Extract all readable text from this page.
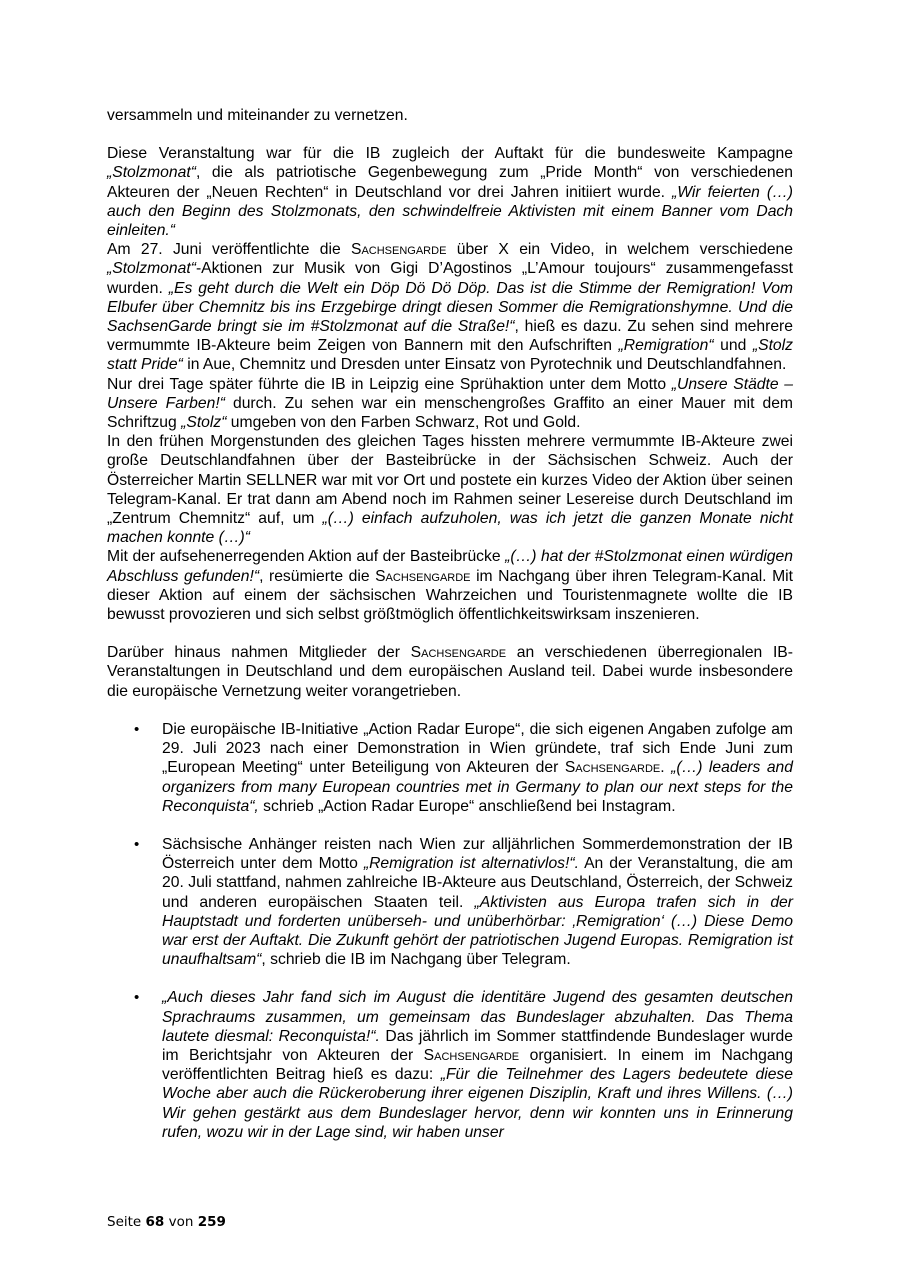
versammeln und miteinander zu vernetzen.

Diese Veranstaltung war für die IB zugleich der Auftakt für die bundesweite Kampagne „Stolzmonat“, die als patriotische Gegenbewegung zum „Pride Month“ von verschiedenen Akteuren der „Neuen Rechten“ in Deutschland vor drei Jahren initiiert wurde. „Wir feierten (…) auch den Beginn des Stolzmonats, den schwindelfreie Aktivisten mit einem Banner vom Dach einleiten.“

Am 27. Juni veröffentlichte die Sachsengarde über X ein Video, in welchem verschiedene „Stolzmonat“-Aktionen zur Musik von Gigi D’Agostinos „L’Amour toujours“ zusammengefasst wurden. „Es geht durch die Welt ein Döp Dö Dö Döp. Das ist die Stimme der Remigration! Vom Elbufer über Chemnitz bis ins Erzgebirge dringt diesen Sommer die Remigrationshymne. Und die SachsenGarde bringt sie im #Stolzmonat auf die Straße!“, hieß es dazu. Zu sehen sind mehrere vermummte IB-Akteure beim Zeigen von Bannern mit den Aufschriften „Remigration“ und „Stolz statt Pride“ in Aue, Chemnitz und Dresden unter Einsatz von Pyrotechnik und Deutschlandfahnen.

Nur drei Tage später führte die IB in Leipzig eine Sprühaktion unter dem Motto „Unsere Städte – Unsere Farben!“ durch. Zu sehen war ein menschengroßes Graffito an einer Mauer mit dem Schriftzug „Stolz“ umgeben von den Farben Schwarz, Rot und Gold.

In den frühen Morgenstunden des gleichen Tages hissten mehrere vermummte IB-Akteure zwei große Deutschlandfahnen über der Basteibrücke in der Sächsischen Schweiz. Auch der Österreicher Martin SELLNER war mit vor Ort und postete ein kurzes Video der Aktion über seinen Telegram-Kanal. Er trat dann am Abend noch im Rahmen seiner Lesereise durch Deutschland im „Zentrum Chemnitz“ auf, um „(…) einfach aufzuholen, was ich jetzt die ganzen Monate nicht machen konnte (…)“

Mit der aufsehenerregenden Aktion auf der Basteibrücke „(…) hat der #Stolzmonat einen würdigen Abschluss gefunden!“, resümierte die Sachsengarde im Nachgang über ihren Telegram-Kanal. Mit dieser Aktion auf einem der sächsischen Wahrzeichen und Touristenmagnete wollte die IB bewusst provozieren und sich selbst größtmöglich öffentlichkeitswirksam inszenieren.

Darüber hinaus nahmen Mitglieder der Sachsengarde an verschiedenen überregionalen IB-Veranstaltungen in Deutschland und dem europäischen Ausland teil. Dabei wurde insbesondere die europäische Vernetzung weiter vorangetrieben.

• Die europäische IB-Initiative „Action Radar Europe“, die sich eigenen Angaben zufolge am 29. Juli 2023 nach einer Demonstration in Wien gründete, traf sich Ende Juni zum „European Meeting“ unter Beteiligung von Akteuren der Sachsengarde. „(…) leaders and organizers from many European countries met in Germany to plan our next steps for the Reconquista“, schrieb „Action Radar Europe“ anschließend bei Instagram.
• Sächsische Anhänger reisten nach Wien zur alljährlichen Sommerdemonstration der IB Österreich unter dem Motto „Remigration ist alternativlos!“. An der Veranstaltung, die am 20. Juli stattfand, nahmen zahlreiche IB-Akteure aus Deutschland, Österreich, der Schweiz und anderen europäischen Staaten teil. „Aktivisten aus Europa trafen sich in der Hauptstadt und forderten unüberseh- und unüberhörbar: ‚Remigration‘ (…) Diese Demo war erst der Auftakt. Die Zukunft gehört der patriotischen Jugend Europas. Remigration ist unaufhaltsam“, schrieb die IB im Nachgang über Telegram.
• „Auch dieses Jahr fand sich im August die identitäre Jugend des gesamten deutschen Sprachraums zusammen, um gemeinsam das Bundeslager abzuhalten. Das Thema lautete diesmal: Reconquista!“. Das jährlich im Sommer stattfindende Bundeslager wurde im Berichtsjahr von Akteuren der Sachsengarde organisiert. In einem im Nachgang veröffentlichten Beitrag hieß es dazu: „Für die Teilnehmer des Lagers bedeutete diese Woche aber auch die Rückeroberung ihrer eigenen Disziplin, Kraft und ihres Willens. (…) Wir gehen gestärkt aus dem Bundeslager hervor, denn wir konnten uns in Erinnerung rufen, wozu wir in der Lage sind, wir haben unser
Seite 68 von 259
